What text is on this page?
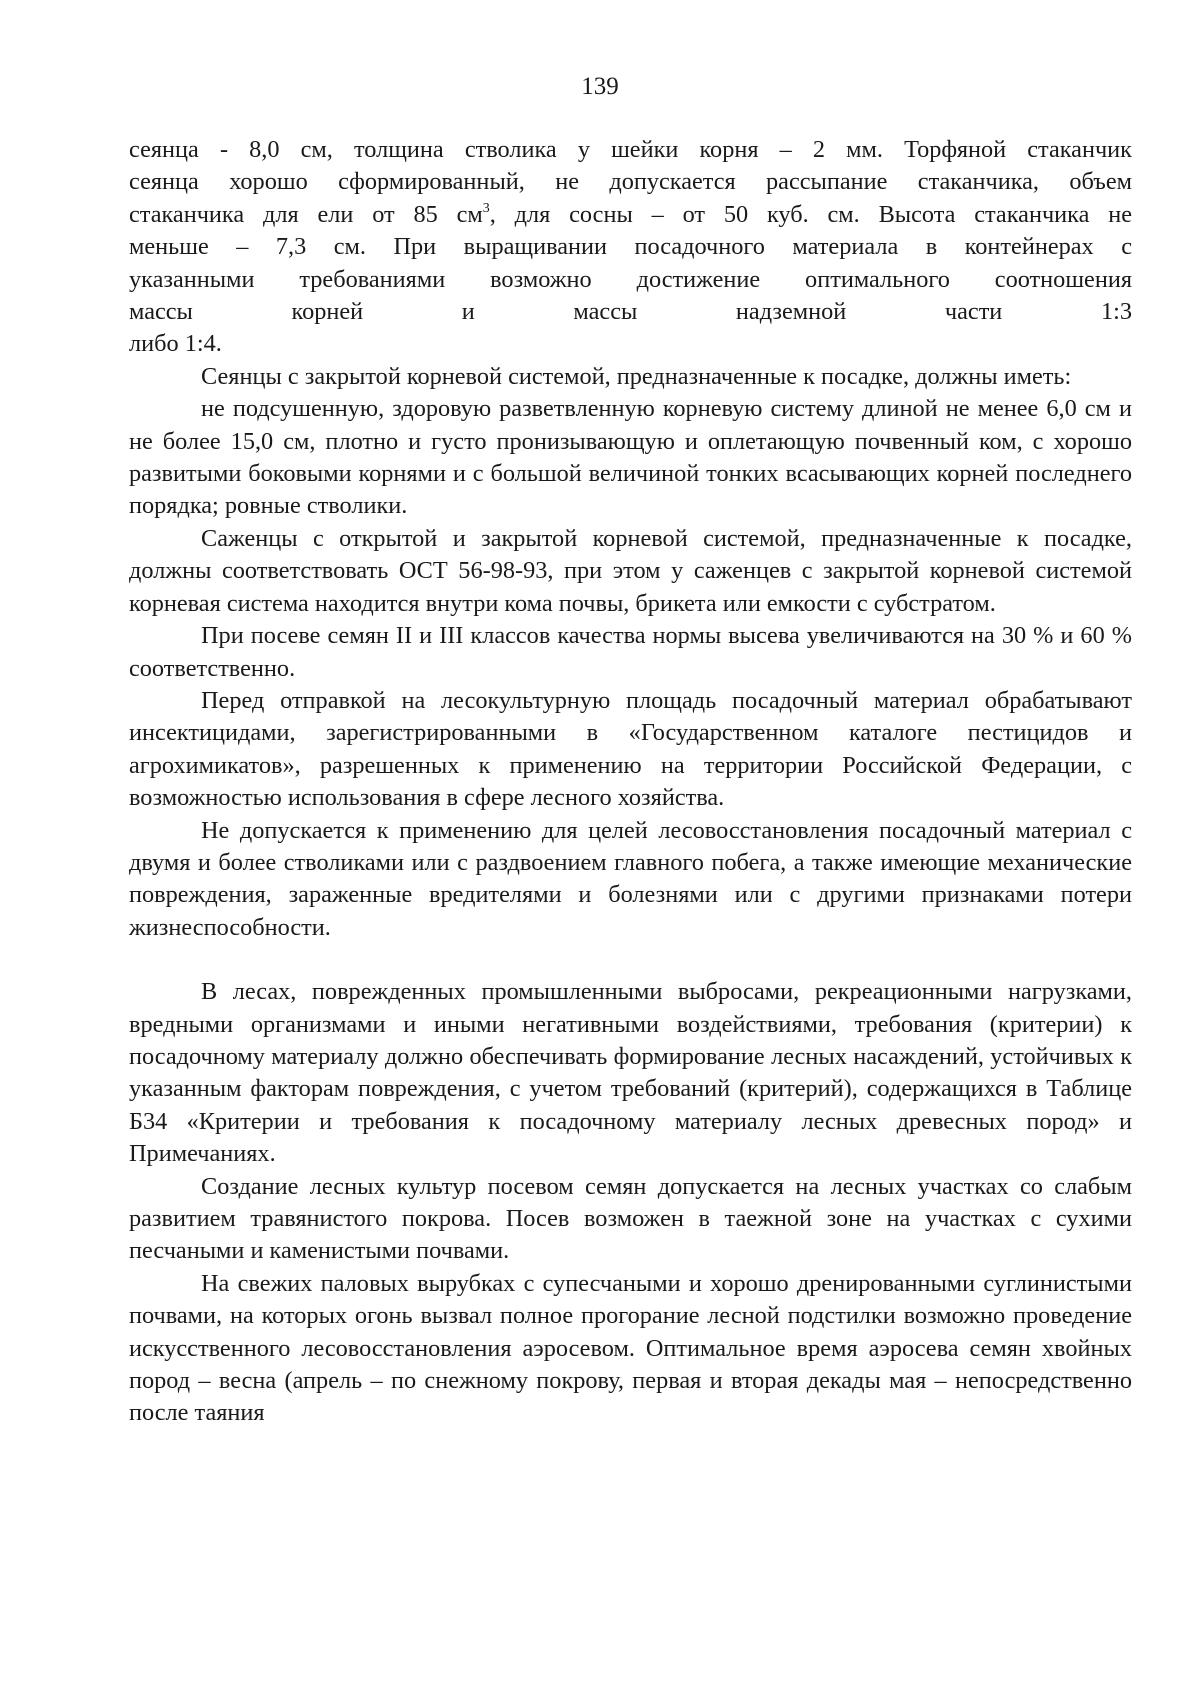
139
сеянца - 8,0 см, толщина стволика у шейки корня – 2 мм. Торфяной стаканчик
сеянца хорошо сформированный, не допускается рассыпание стаканчика, объем
стаканчика для ели от 85 $см^3$, для сосны – от 50 куб. см. Высота стаканчика не
меньше – 7,3 см. При выращивании посадочного материала в контейнерах с
указанными требованиями возможно достижение оптимального соотношения
массы корней и массы надземной части 1:3
либо 1:4.

Сеянцы с закрытой корневой системой, предназначенные к посадке, должны иметь:

не подсушенную, здоровую разветвленную корневую систему длиной не менее 6,0 см и не более 15,0 см, плотно и густо пронизывающую и оплетающую почвенный ком, с хорошо развитыми боковыми корнями и с большой величиной тонких всасывающих корней последнего порядка; ровные стволики.

Саженцы с открытой и закрытой корневой системой, предназначенные к посадке, должны соответствовать ОСТ 56-98-93, при этом у саженцев с закрытой корневой системой корневая система находится внутри кома почвы, брикета или емкости с субстратом.

При посеве семян II и III классов качества нормы высева увеличиваются на 30 % и 60 % соответственно.

Перед отправкой на лесокультурную площадь посадочный материал обрабатывают инсектицидами, зарегистрированными в «Государственном каталоге пестицидов и агрохимикатов», разрешенных к применению на территории Российской Федерации, с возможностью использования в сфере лесного хозяйства.

Не допускается к применению для целей лесовосстановления посадочный материал с двумя и более стволиками или с раздвоением главного побега, а также имеющие механические повреждения, зараженные вредителями и болезнями или с другими признаками потери жизнеспособности.

В лесах, поврежденных промышленными выбросами, рекреационными нагрузками, вредными организмами и иными негативными воздействиями, требования (критерии) к посадочному материалу должно обеспечивать формирование лесных насаждений, устойчивых к указанным факторам повреждения, с учетом требований (критерий), содержащихся в Таблице Б34 «Критерии и требования к посадочному материалу лесных древесных пород» и Примечаниях.

Создание лесных культур посевом семян допускается на лесных участках со слабым развитием травянистого покрова. Посев возможен в таежной зоне на участках с сухими песчаными и каменистыми почвами.

На свежих паловых вырубках с супесчаными и хорошо дренированными суглинистыми почвами, на которых огонь вызвал полное прогорание лесной подстилки возможно проведение искусственного лесовосстановления аэросевом. Оптимальное время аэросева семян хвойных пород – весна (апрель – по снежному покрову, первая и вторая декады мая – непосредственно после таяния
